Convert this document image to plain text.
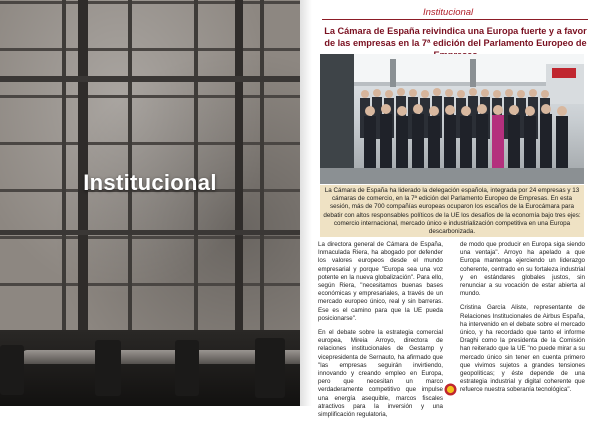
Institucional
Institucional
La Cámara de España reivindica una Europa fuerte y a favor de las empresas en la 7ª edición del Parlamento Europeo de
La Cámara de España ha liderado la delegación española, integrada por 24 empresas y 13 cámaras de comercio, en la 7ª edición del Parlamento Europeo de Empresas. En esta sesión, más de 700 compañías europeas ocuparon los escaños de la Eurocámara para debatir con altos responsables políticos de la UE los desafíos de la economía bajo tres ejes: comercio internacional, mercado único e industrialización competitiva en una Europa descarbonizada.

La directora general de Cámara de España, Inmaculada Riera, ha abogado por defender los valores europeos desde el mundo empresarial y porque "Europa sea una voz potente en la nueva globalización". Para ello, según Riera, "necesitamos buenas bases económicas y empresariales, a través de un mercado europeo único, real y sin barreras. Ese es el camino para que la UE pueda posicionarse".

En el debate sobre la estrategia comercial europea, Mireia Arroyo, directora de relaciones institucionales de Gestamp y vicepresidenta de Sernauto, ha afirmado que "las empresas seguirán invirtiendo, innovando y creando empleo en Europa, pero que necesitan un marco verdaderamente competitivo que impulse una energía asequible, marcos fiscales atractivos para la inversión y una simplificación regulatoria,

de modo que producir en Europa siga siendo una ventaja". Arroyo ha apelado a que Europa mantenga ejerciendo un liderazgo coherente, centrado en su fortaleza industrial y en estándares globales justos, sin renunciar a su vocación de estar abierta al mundo.

Cristina García Aliste, representante de Relaciones Institucionales de Airbus España, ha intervenido en el debate sobre el mercado único, y ha recordado que tanto el informe Draghi como la presidenta de la Comisión han reiterado que la UE "no puede mirar a su mercado único sin tener en cuenta primero que vivimos sujetos a grandes tensiones geopolíticas; y éste depende de una estrategia industrial y digital coherente que refuerce nuestra soberanía tecnológica".
